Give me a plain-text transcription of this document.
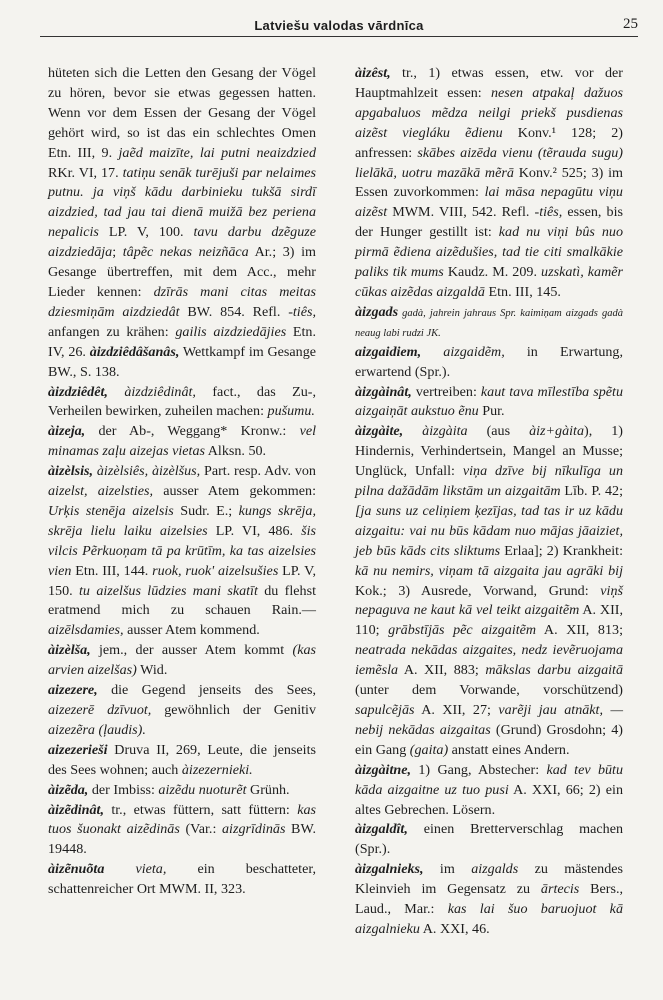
Latviešu valodas vārdnīca	25

hüteten sich die Letten den Gesang der Vögel zu hören, bevor sie etwas gegessen hatten. Wenn vor dem Essen der Gesang der Vögel gehört wird, so ist das ein schlechtes Omen Etn. III, 9. jaẽd maizīte, lai putni neaizdzied RKr. VI, 17. tatiņu senāk turējuši par nelaimes putnu. ja viņš kādu darbinieku tukšā sirdī aizdzied, tad jau tai dienā muižā bez periena nepalicis LP. V, 100. tavu darbu dzẽguze aizdziedāja; tâpẽc nekas neizñāca Ar.; 3) im Gesange übertreffen, mit dem Acc., mehr Lieder kennen: dzīrās mani citas meitas dziesmiņām aizdziedât BW. 854. Refl. -tiês, anfangen zu krähen: gailis aizdziedājies Etn. IV, 26. àizdziêdâšanâs, Wettkampf im Gesange BW., S. 138.

àizdziêdêt, àizdziêdinât, fact., das Zu-, Verheilen bewirken, zuheilen machen: pušumu.

àizeja, der Ab-, Weggang* Kronw.: vel minamas zaļu aizejas vietas Alksn. 50.

àizèlsis, àizèlsiês, àizèlšus, Part. resp. Adv. von aizelst, aizelsties, ausser Atem gekommen: Urķis stenēja aizelsis Sudr. E.; kungs skrēja, skrēja lielu laiku aizelsies LP. VI, 486. šis vilcis Pẽrkuoņam tā pa krūtīm, ka tas aizelsies vien Etn. III, 144. ruok, ruok' aizelsušies LP. V, 150. tu aizelšus lūdzies mani skatīt du flehst eratmend mich zu schauen Rain.—aizēlsdamies, ausser Atem kommend.

àizèlša, jem., der ausser Atem kommt (kas arvien aizelšas) Wid.

aizezere, die Gegend jenseits des Sees, aizezerē dzīvuot, gewöhnlich der Genitiv aizezẽra (ļaudis).

aizezerieši Druva II, 269, Leute, die jenseits des Sees wohnen; auch àizezernieki.

àizẽda, der Imbiss: aizẽdu nuoturẽt Grünh.

àizẽdinât, tr., etwas füttern, satt füttern: kas tuos šuonakt aizẽdinās (Var.: aizgrīdinās BW. 19448.

àizẽnuõta vieta, ein beschatteter, schattenreicher Ort MWM. II, 323.

àizêst, tr., 1) etwas essen, etw. vor der Hauptmahlzeit essen: nesen atpakaļ dažuos apgabaluos mẽdza neilgi priekš pusdienas aizẽst viegláku ẽdienu Konv.¹ 128; 2) anfressen: skābes aizēda vienu (tẽrauda sugu) lielākā, uotru mazākā mẽrā Konv.² 525; 3) im Essen zuvorkommen: lai māsa nepagūtu viņu aizẽst MWM. VIII, 542. Refl. -tiês, essen, bis der Hunger gestillt ist: kad nu viņi bûs nuo pirmā ẽdiena aizẽdušies, tad tie citi smalkākie paliks tik mums Kaudz. M. 209. uzskatì, kamẽr cūkas aizẽdas aizgaldā Etn. III, 145.

àizgads gadà, jahrein jahraus Spr. kaimiņam aizgads gadà neaug labi rudzi JK.

aizgaidiem, aizgaidẽm, in Erwartung, erwartend (Spr.).

àizgàinât, vertreiben: kaut tava mīlestība spẽtu aizgaiņāt aukstuo ẽnu Pur.

àizgàite, àizgàita (aus àiz+gàita), 1) Hindernis, Verhindertsein, Mangel an Musse; Unglück, Unfall: viņa dzīve bij nīkulīga un pilna dažādām likstām un aizgaitām Līb. P. 42; [ja suns uz celiņiem ķezījas, tad tas ir uz kādu aizgaitu: vai nu būs kādam nuo mājas jāaiziet, jeb būs kāds cits sliktums Erlaa]; 2) Krankheit: kā nu nemirs, viņam tā aizgaita jau agrāki bij Kok.; 3) Ausrede, Vorwand, Grund: viņš nepaguva ne kaut kā vel teikt aizgaitẽm A. XII, 110; grābstījās pẽc aizgaitẽm A. XII, 813; neatrada nekādas aizgaites, nedz ievẽruojama iemẽsla A. XII, 883; mākslas darbu aizgaitā (unter dem Vorwande, vorschützend) sapulcẽjās A. XII, 27; varẽji jau atnākt, — nebij nekādas aizgaitas (Grund) Grosdohn; 4) ein Gang (gaita) anstatt eines Andern.

àizgàitne, 1) Gang, Abstecher: kad tev būtu kāda aizgaitne uz tuo pusi A. XXI, 66; 2) ein altes Gebrechen. Lösern.

àizgaldît, einen Bretterverschlag machen (Spr.).

àizgalnieks, im aizgalds zu mästendes Kleinvieh im Gegensatz zu ārtecis Bers., Laud., Mar.: kas lai šuo baruojuot kā aizgalnieku A. XXI, 46.
